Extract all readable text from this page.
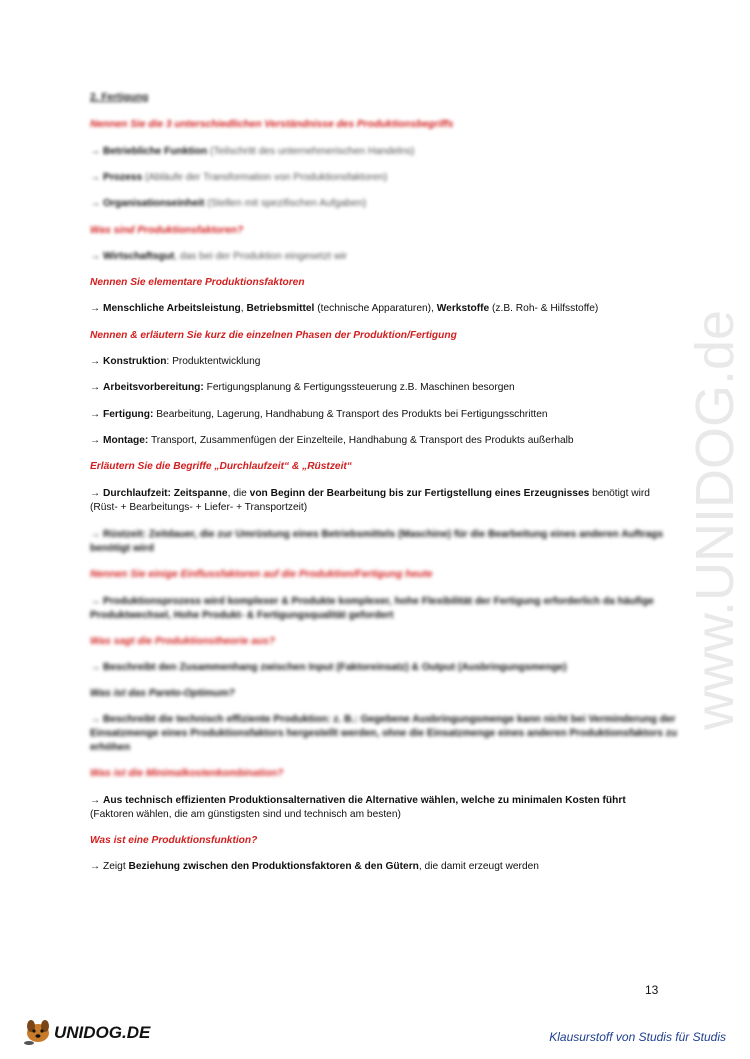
www.UNIDOG.de
2. Fertigung
Nennen Sie die 3 unterschiedlichen Verständnisse des Produktionsbegriffs
→ Betriebliche Funktion (Teilschritt des unternehmerischen Handelns)
→ Prozess (Abläufe der Transformation von Produktionsfaktoren)
→ Organisationseinheit (Stellen mit spezifischen Aufgaben)
Was sind Produktionsfaktoren?
→ Wirtschaftsgut, das bei der Produktion eingesetzt wir
Nennen Sie elementare Produktionsfaktoren
→ Menschliche Arbeitsleistung, Betriebsmittel (technische Apparaturen), Werkstoffe (z.B. Roh- & Hilfsstoffe)
Nennen & erläutern Sie kurz die einzelnen Phasen der Produktion/Fertigung
→ Konstruktion: Produktentwicklung
→ Arbeitsvorbereitung: Fertigungsplanung & Fertigungssteuerung z.B. Maschinen besorgen
→ Fertigung: Bearbeitung, Lagerung, Handhabung & Transport des Produkts bei Fertigungsschritten
→ Montage: Transport, Zusammenfügen der Einzelteile, Handhabung & Transport des Produkts außerhalb
Erläutern Sie die Begriffe „Durchlaufzeit“ & „Rüstzeit“
→ Durchlaufzeit: Zeitspanne, die von Beginn der Bearbeitung bis zur Fertigstellung eines Erzeugnisses benötigt wird
(Rüst- + Bearbeitungs- + Liefer- + Transportzeit)
→ Rüstzeit: Zeitdauer, die zur Umrüstung eines Betriebsmittels (Maschine) für die Bearbeitung eines anderen Auftrags
benötigt wird
Nennen Sie einige Einflussfaktoren auf die Produktion/Fertigung heute
→ Produktionsprozess wird komplexer & Produkte komplexer, hohe Flexibilität der Fertigung erforderlich da häufige
Produktwechsel, Hohe Produkt- & Fertigungsqualität gefordert
Was sagt die Produktionstheorie aus?
→ Beschreibt den Zusammenhang zwischen Input (Faktoreinsatz) & Output (Ausbringungsmenge)
Was ist das Pareto-Optimum?
→ Beschreibt die technisch effiziente Produktion: z. B.: Gegebene Ausbringungsmenge kann nicht bei Verminderung der
Einsatzmenge eines Produktionsfaktors hergestellt werden, ohne die Einsatzmenge eines anderen Produktionsfaktors zu
erhöhen
Was ist die Minimalkostenkombination?
→ Aus technisch effizienten Produktionsalternativen die Alternative wählen, welche zu minimalen Kosten führt
(Faktoren wählen, die am günstigsten sind und technisch am besten)
Was ist eine Produktionsfunktion?
→ Zeigt Beziehung zwischen den Produktionsfaktoren & den Gütern, die damit erzeugt werden
13
UNIDOG.DE	Klausurstoff von Studis für Studis
